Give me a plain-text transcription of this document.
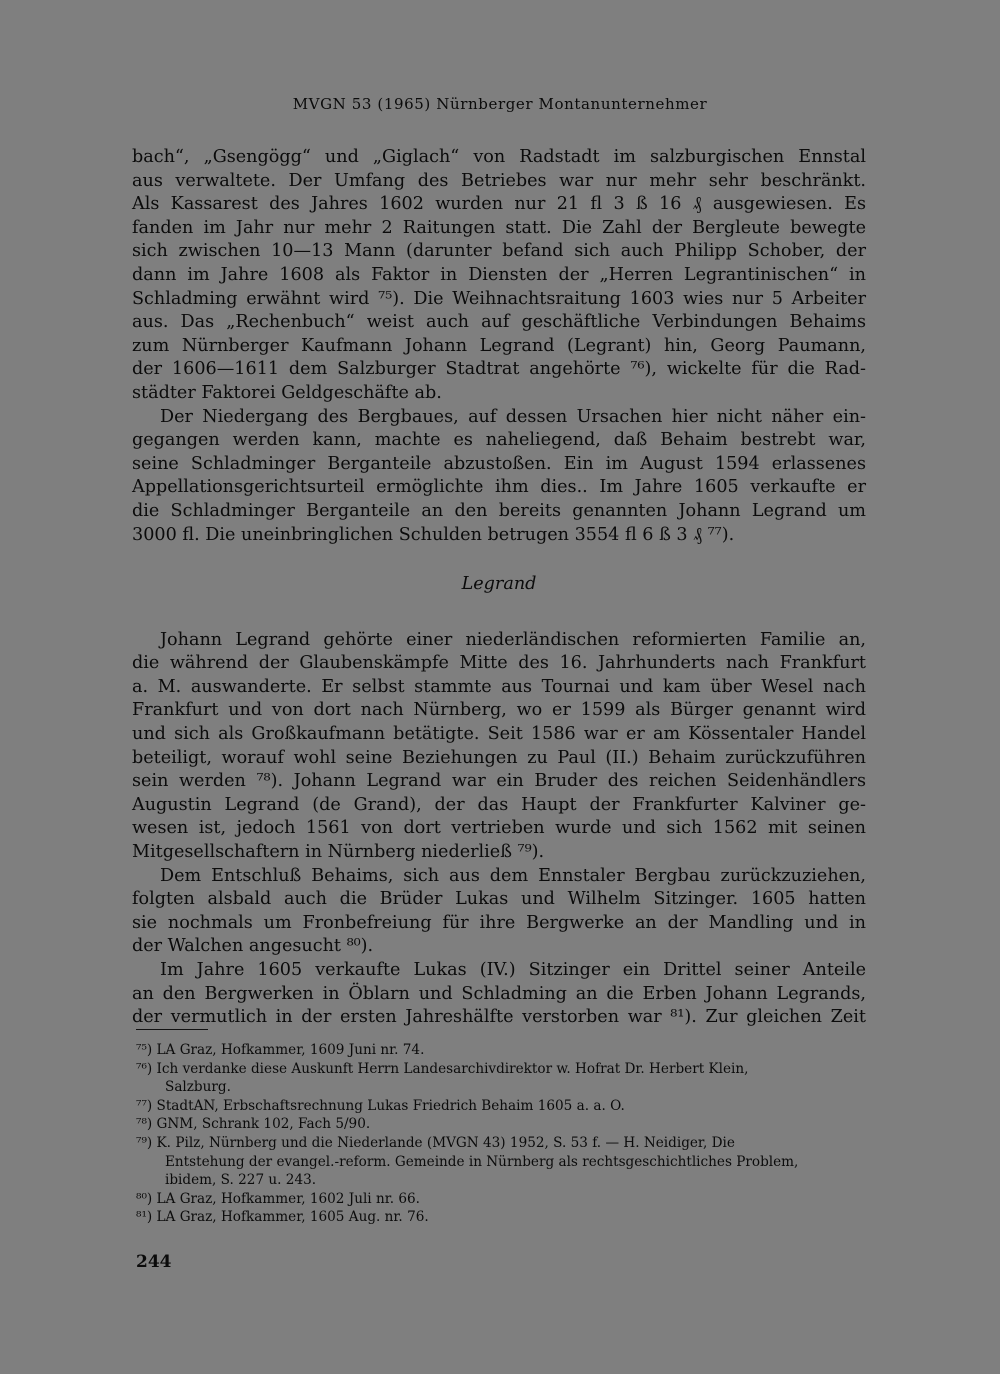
MVGN 53 (1965) Nürnberger Montanunternehmer
bach“, „Gsengögg“ und „Giglach“ von Radstadt im salzburgischen Ennstal
aus verwaltete. Der Umfang des Betriebes war nur mehr sehr beschränkt.
Als Kassarest des Jahres 1602 wurden nur 21 fl 3 ß 16 ₰ ausgewiesen. Es
fanden im Jahr nur mehr 2 Raitungen statt. Die Zahl der Bergleute bewegte
sich zwischen 10—13 Mann (darunter befand sich auch Philipp Schober, der
dann im Jahre 1608 als Faktor in Diensten der „Herren Legrantinischen“ in
Schladming erwähnt wird ⁷⁵). Die Weihnachtsraitung 1603 wies nur 5 Arbeiter
aus. Das „Rechenbuch“ weist auch auf geschäftliche Verbindungen Behaims
zum Nürnberger Kaufmann Johann Legrand (Legrant) hin, Georg Paumann,
der 1606—1611 dem Salzburger Stadtrat angehörte ⁷⁶), wickelte für die Rad-
städter Faktorei Geldgeschäfte ab.
Der Niedergang des Bergbaues, auf dessen Ursachen hier nicht näher ein-
gegangen werden kann, machte es naheliegend, daß Behaim bestrebt war,
seine Schladminger Berganteile abzustoßen. Ein im August 1594 erlassenes
Appellationsgerichtsurteil ermöglichte ihm dies.. Im Jahre 1605 verkaufte er
die Schladminger Berganteile an den bereits genannten Johann Legrand um
3000 fl. Die uneinbringlichen Schulden betrugen 3554 fl 6 ß 3 ₰ ⁷⁷).
Legrand
Johann Legrand gehörte einer niederländischen reformierten Familie an,
die während der Glaubenskämpfe Mitte des 16. Jahrhunderts nach Frankfurt
a. M. auswanderte. Er selbst stammte aus Tournai und kam über Wesel nach
Frankfurt und von dort nach Nürnberg, wo er 1599 als Bürger genannt wird
und sich als Großkaufmann betätigte. Seit 1586 war er am Kössentaler Handel
beteiligt, worauf wohl seine Beziehungen zu Paul (II.) Behaim zurückzuführen
sein werden ⁷⁸). Johann Legrand war ein Bruder des reichen Seidenhändlers
Augustin Legrand (de Grand), der das Haupt der Frankfurter Kalviner ge-
wesen ist, jedoch 1561 von dort vertrieben wurde und sich 1562 mit seinen
Mitgesellschaftern in Nürnberg niederließ ⁷⁹).
Dem Entschluß Behaims, sich aus dem Ennstaler Bergbau zurückzuziehen,
folgten alsbald auch die Brüder Lukas und Wilhelm Sitzinger. 1605 hatten
sie nochmals um Fronbefreiung für ihre Bergwerke an der Mandling und in
der Walchen angesucht ⁸⁰).
Im Jahre 1605 verkaufte Lukas (IV.) Sitzinger ein Drittel seiner Anteile
an den Bergwerken in Öblarn und Schladming an die Erben Johann Legrands,
der vermutlich in der ersten Jahreshälfte verstorben war ⁸¹). Zur gleichen Zeit
⁷⁵) LA Graz, Hofkammer, 1609 Juni nr. 74.
⁷⁶) Ich verdanke diese Auskunft Herrn Landesarchivdirektor w. Hofrat Dr. Herbert Klein,
Salzburg.
⁷⁷) StadtAN, Erbschaftsrechnung Lukas Friedrich Behaim 1605 a. a. O.
⁷⁸) GNM, Schrank 102, Fach 5/90.
⁷⁹) K. Pilz, Nürnberg und die Niederlande (MVGN 43) 1952, S. 53 f. — H. Neidiger, Die
Entstehung der evangel.-reform. Gemeinde in Nürnberg als rechtsgeschichtliches Problem,
ibidem, S. 227 u. 243.
⁸⁰) LA Graz, Hofkammer, 1602 Juli nr. 66.
⁸¹) LA Graz, Hofkammer, 1605 Aug. nr. 76.
244
